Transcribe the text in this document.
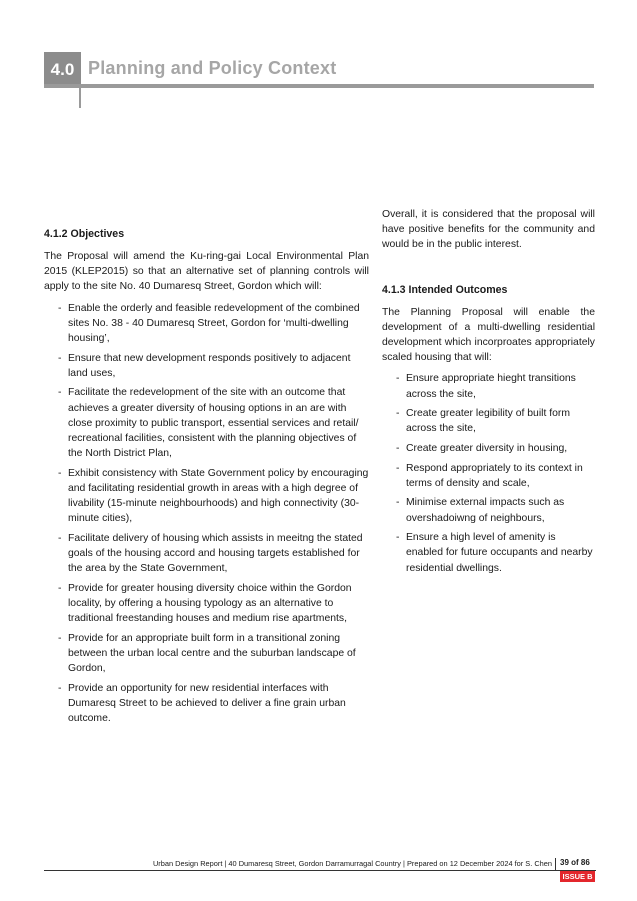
4.0 Planning and Policy Context
4.1.2 Objectives

The Proposal will amend the Ku-ring-gai Local Environmental Plan 2015 (KLEP2015) so that an alternative set of planning controls will apply to the site No. 40 Dumaresq Street, Gordon which will:

- Enable the orderly and feasible redevelopment of the combined sites No. 38 - 40 Dumaresq Street, Gordon for ‘multi-dwelling housing’,
- Ensure that new development responds positively to adjacent land uses,
- Facilitate the redevelopment of the site with an outcome that achieves a greater diversity of housing options in an are with close proximity to public transport, essential services and retail/ recreational facilities, consistent with the planning objectives of the North District Plan,
- Exhibit consistency with State Government policy by encouraging and facilitating residential growth in areas with a high degree of livability (15-minute neighbourhoods) and high connectivity (30-minute cities),
- Facilitate delivery of housing which assists in meeitng the stated goals of the housing accord and housing targets established for the area by the State Government,
- Provide for greater housing diversity choice within the Gordon locality, by offering a housing typology as an alternative to traditional freestanding houses and medium rise apartments,
- Provide for an appropriate built form in a transitional zoning between the urban local centre and the suburban landscape of Gordon,
- Provide an opportunity for new residential interfaces with Dumaresq Street to be achieved to deliver a fine grain urban outcome.

Overall, it is considered that the proposal will have positive benefits for the community and would be in the public interest.

4.1.3 Intended Outcomes

The Planning Proposal will enable the development of a multi-dwelling residential development which incorproates appropriately scaled housing that will:

- Ensure appropriate hieght transitions across the site,
- Create greater legibility of built form across the site,
- Create greater diversity in housing,
- Respond appropriately to its context in terms of density and scale,
- Minimise external impacts such as overshadoiwng of neighbours,
- Ensure a high level of amenity is enabled for future occupants and nearby residential dwellings.
Urban Design Report | 40 Dumaresq Street, Gordon Darramurragal Country | Prepared on 12 December 2024 for S. Chen 39 of 86
ISSUE B
